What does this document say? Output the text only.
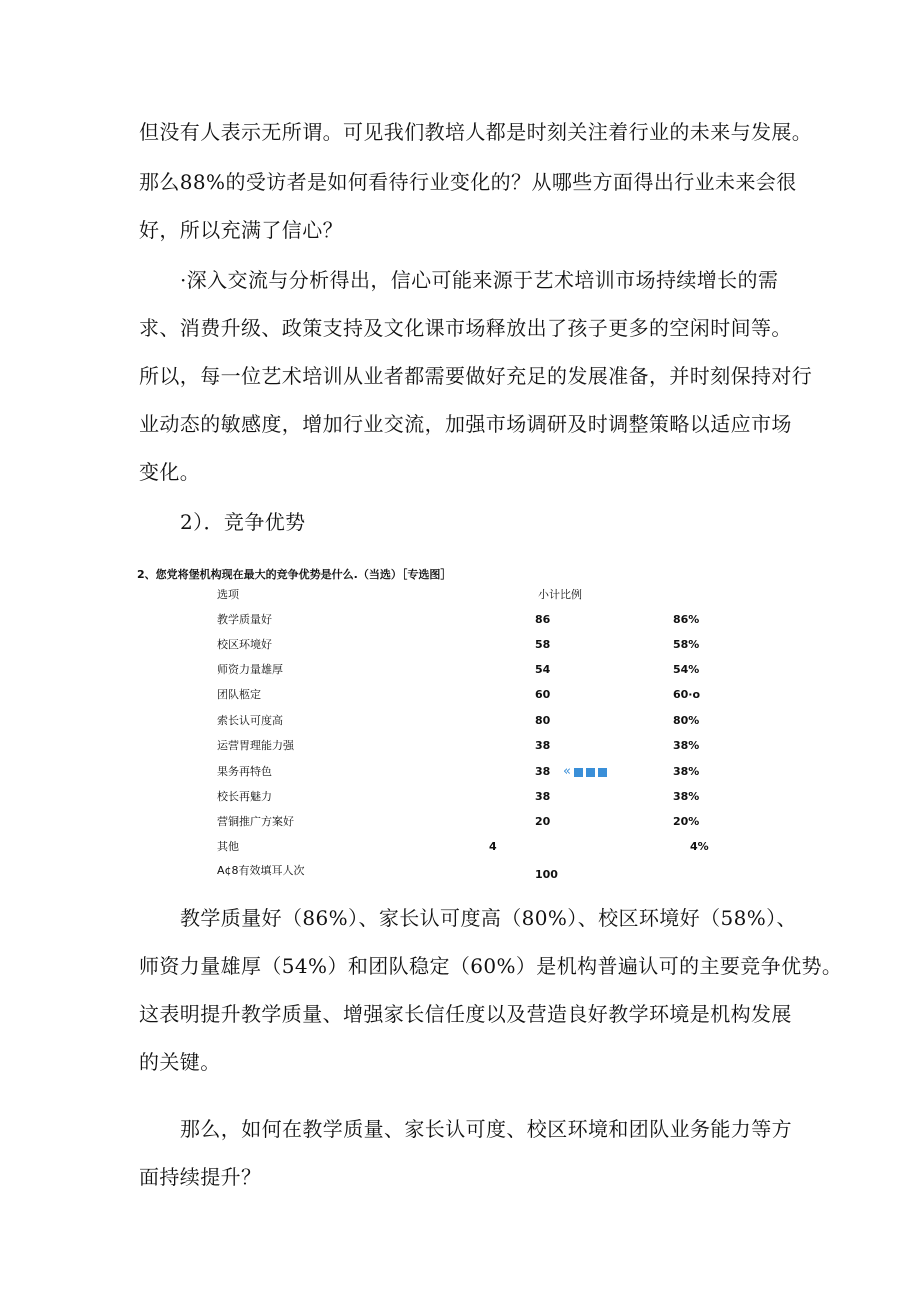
但没有人表示无所谓。可见我们教培人都是时刻关注着行业的未来与发展。

那么88%的受访者是如何看待行业变化的？从哪些方面得出行业未来会很

好，所以充满了信心？

·深入交流与分析得出，信心可能来源于艺术培训市场持续增长的需

求、消费升级、政策支持及文化课市场释放出了孩子更多的空闲时间等。

所以，每一位艺术培训从业者都需要做好充足的发展准备，并时刻保持对行

业动态的敏感度，增加行业交流，加强市场调研及时调整策略以适应市场

变化。

2）．竞争优势

2、您党将堡机构现在最大的竞争优势是什么.（当选）［专选图］
选项	小计比例
教学质量好	86	86%
校区环境好	58	58%
师资力量雄厚	54	54%
团队柩定	60	60·o
索长认可度高	80	80%
运营胃理能力强	38	38%
果务再特色	38 «	38%
校长再魅力	38	38%
营铜推广方案好	20	20%
其他	4	4%
A¢8有效填耳人次	100

教学质量好（86%）、家长认可度高（80%）、校区环境好（58%）、

师资力量雄厚（54%）和团队稳定（60%）是机构普遍认可的主要竞争优势。

这表明提升教学质量、增强家长信任度以及营造良好教学环境是机构发展

的关键。

那么，如何在教学质量、家长认可度、校区环境和团队业务能力等方

面持续提升？
